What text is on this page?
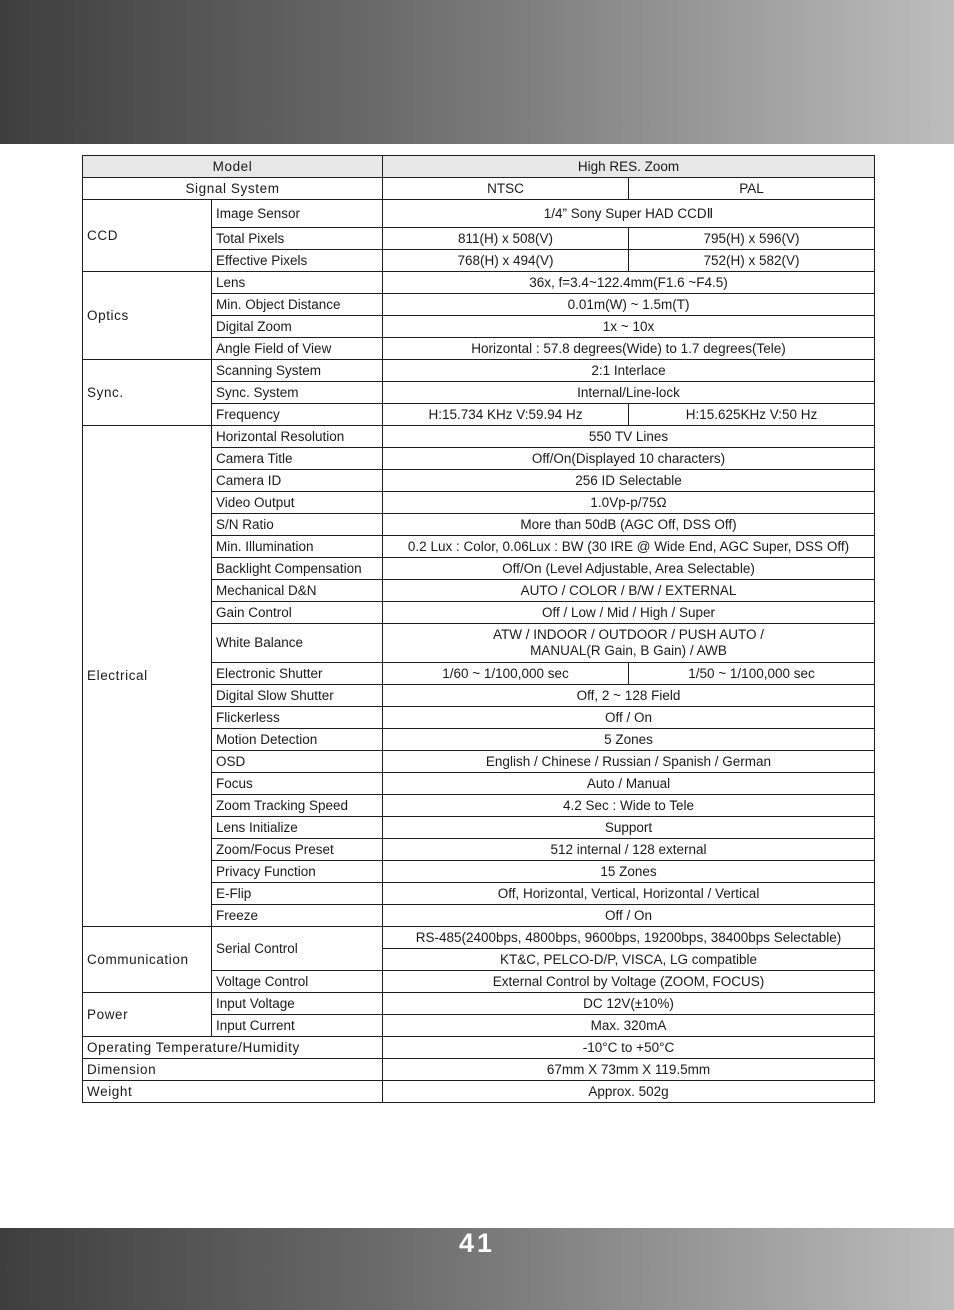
Model		High RES. Zoom	
Signal System		NTSC	PAL
CCD	Image Sensor	1/4” Sony Super HAD CCDⅡ	
	Total Pixels	811(H) x 508(V)	795(H) x 596(V)
	Effective Pixels	768(H) x 494(V)	752(H) x 582(V)
Optics	Lens	36x, f=3.4~122.4mm(F1.6 ~F4.5)	
	Min. Object Distance	0.01m(W) ~ 1.5m(T)	
	Digital Zoom	1x ~ 10x	
	Angle Field of View	Horizontal : 57.8 degrees(Wide) to 1.7 degrees(Tele)	
Sync.	Scanning System	2:1 Interlace	
	Sync. System	Internal/Line-lock	
	Frequency	H:15.734 KHz V:59.94 Hz	H:15.625KHz V:50 Hz
Electrical	Horizontal Resolution	550 TV Lines	
	Camera Title	Off/On(Displayed 10 characters)	
	Camera ID	256 ID Selectable	
	Video Output	1.0Vp-p/75Ω	
	S/N Ratio	More than 50dB (AGC Off, DSS Off)	
	Min. Illumination	0.2 Lux : Color, 0.06Lux : BW (30 IRE @ Wide End, AGC Super, DSS Off)	
	Backlight Compensation	Off/On (Level Adjustable, Area Selectable)	
	Mechanical D&N	AUTO / COLOR / B/W / EXTERNAL	
	Gain Control	Off / Low / Mid / High / Super	
	White Balance	ATW / INDOOR / OUTDOOR / PUSH AUTO /
MANUAL(R Gain, B Gain) / AWB	
	Electronic Shutter	1/60 ~ 1/100,000 sec	1/50 ~ 1/100,000 sec
	Digital Slow Shutter	Off, 2 ~ 128 Field	
	Flickerless	Off / On	
	Motion Detection	5 Zones	
	OSD	English / Chinese / Russian / Spanish / German	
	Focus	Auto / Manual	
	Zoom Tracking Speed	4.2 Sec : Wide to Tele	
	Lens Initialize	Support	
	Zoom/Focus Preset	512 internal / 128 external	
	Privacy Function	15 Zones	
	E-Flip	Off, Horizontal, Vertical, Horizontal / Vertical	
	Freeze	Off / On	
Communication	Serial Control	RS-485(2400bps, 4800bps, 9600bps, 19200bps, 38400bps Selectable)	
		KT&C, PELCO-D/P, VISCA, LG compatible	
	Voltage Control	External Control by Voltage (ZOOM, FOCUS)	
Power	Input Voltage	DC 12V(±10%)	
	Input Current	Max. 320mA	
Operating Temperature/Humidity		-10°C to +50°C	
Dimension		67mm X 73mm X 119.5mm	
Weight		Approx. 502g	
41
